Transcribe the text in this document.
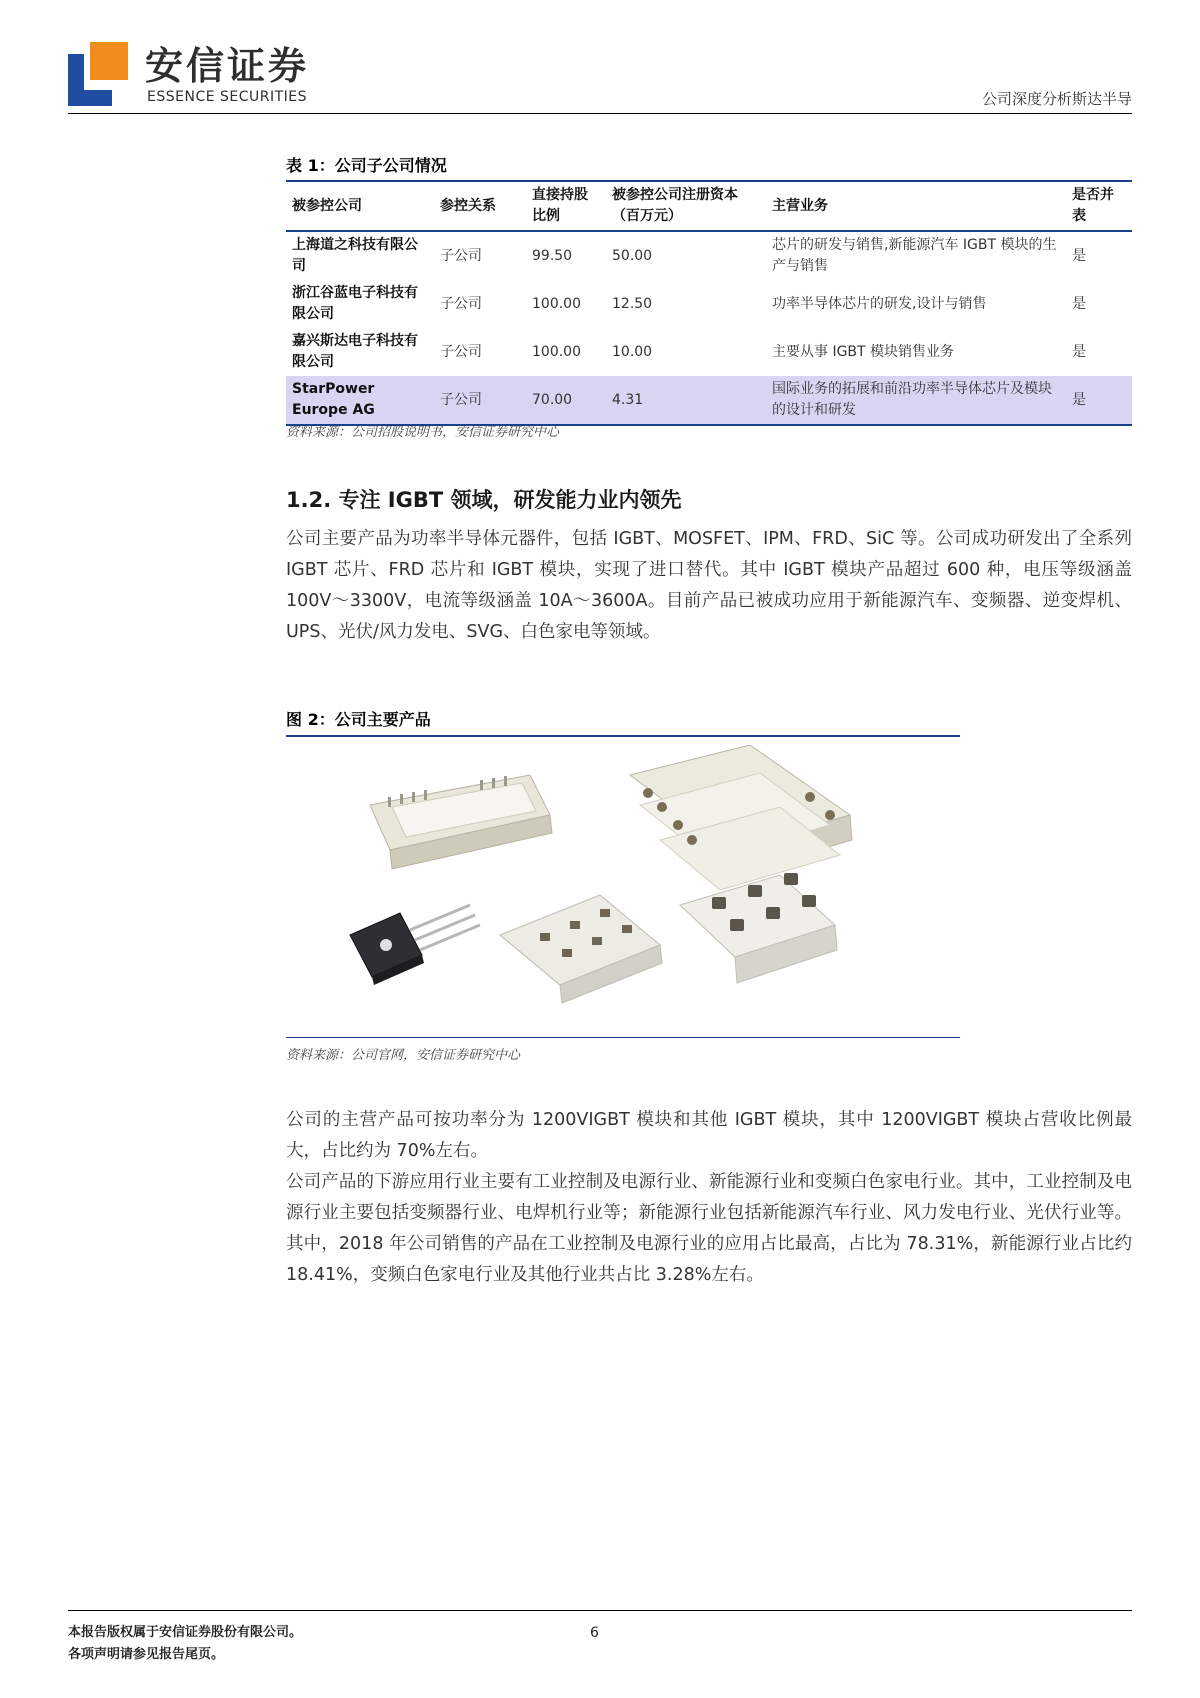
安信证券
ESSENCE SECURITIES	公司深度分析斯达半导
表 1：公司子公司情况
被参控公司	参控关系	直接持股比例	被参控公司注册资本（百万元）	主营业务	是否并表
上海道之科技有限公司	子公司	99.50	50.00	芯片的研发与销售,新能源汽车 IGBT 模块的生产与销售	是
浙江谷蓝电子科技有限公司	子公司	100.00	12.50	功率半导体芯片的研发,设计与销售	是
嘉兴斯达电子科技有限公司	子公司	100.00	10.00	主要从事 IGBT 模块销售业务	是
StarPower Europe AG	子公司	70.00	4.31	国际业务的拓展和前沿功率半导体芯片及模块的设计和研发	是
资料来源：公司招股说明书，安信证券研究中心
1.2. 专注 IGBT 领域，研发能力业内领先

公司主要产品为功率半导体元器件，包括 IGBT、MOSFET、IPM、FRD、SiC 等。公司成功研发出了全系列 IGBT 芯片、FRD 芯片和 IGBT 模块，实现了进口替代。其中 IGBT 模块产品超过 600 种，电压等级涵盖 100V～3300V，电流等级涵盖 10A～3600A。目前产品已被成功应用于新能源汽车、变频器、逆变焊机、UPS、光伏/风力发电、SVG、白色家电等领域。

图 2：公司主要产品
资料来源：公司官网，安信证券研究中心

公司的主营产品可按功率分为 1200VIGBT 模块和其他 IGBT 模块，其中 1200VIGBT 模块占营收比例最大，占比约为 70%左右。

公司产品的下游应用行业主要有工业控制及电源行业、新能源行业和变频白色家电行业。其中，工业控制及电源行业主要包括变频器行业、电焊机行业等；新能源行业包括新能源汽车行业、风力发电行业、光伏行业等。其中，2018 年公司销售的产品在工业控制及电源行业的应用占比最高，占比为 78.31%，新能源行业占比约 18.41%，变频白色家电行业及其他行业共占比 3.28%左右。

本报告版权属于安信证券股份有限公司。
各项声明请参见报告尾页。
6
